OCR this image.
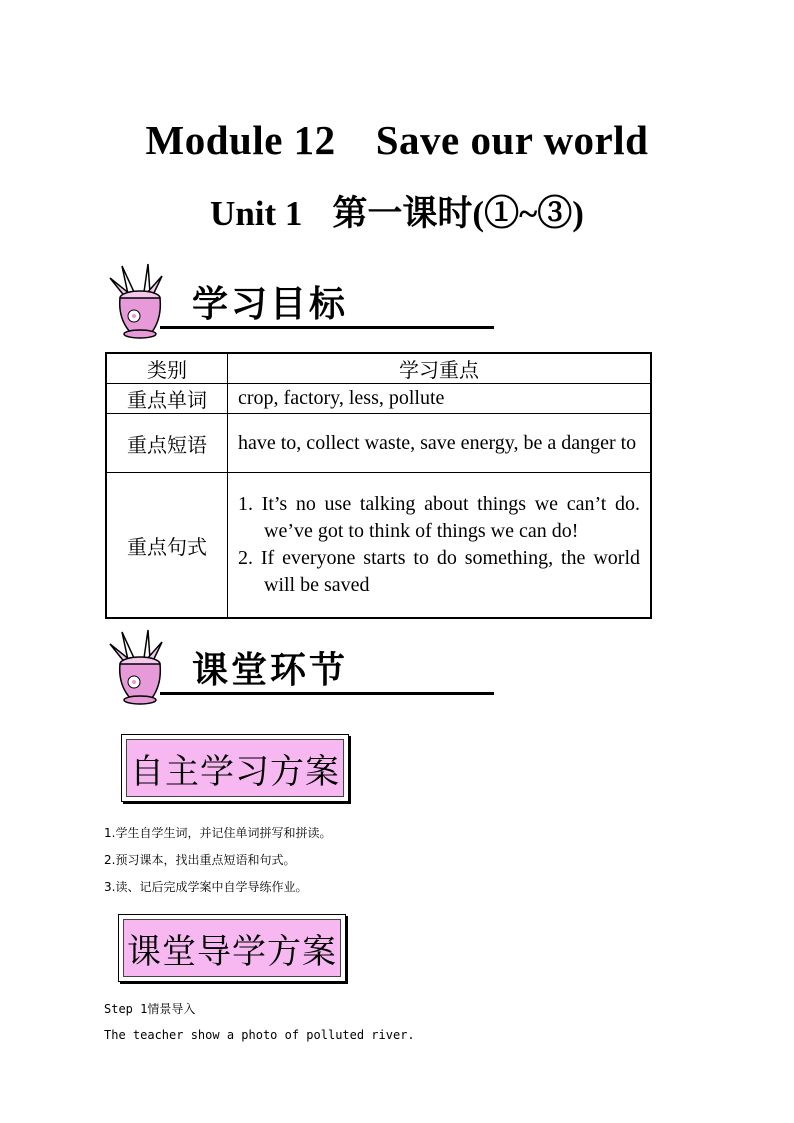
Module 12 Save our world
Unit 1 第一课时(①~③)
学习目标
类别	学习重点
重点单词	crop, factory, less, pollute
重点短语	have to, collect waste, save energy, be a danger to
重点句式	1. It’s no use talking about things we can’t do. we’ve got to think of things we can do!
2. If everyone starts to do something, the world will be saved
课堂环节
自主学习方案
1.学生自学生词，并记住单词拼写和拼读。
2.预习课本，找出重点短语和句式。
3.读、记后完成学案中自学导练作业。
课堂导学方案
Step 1情景导入
The teacher show a photo of polluted river.
